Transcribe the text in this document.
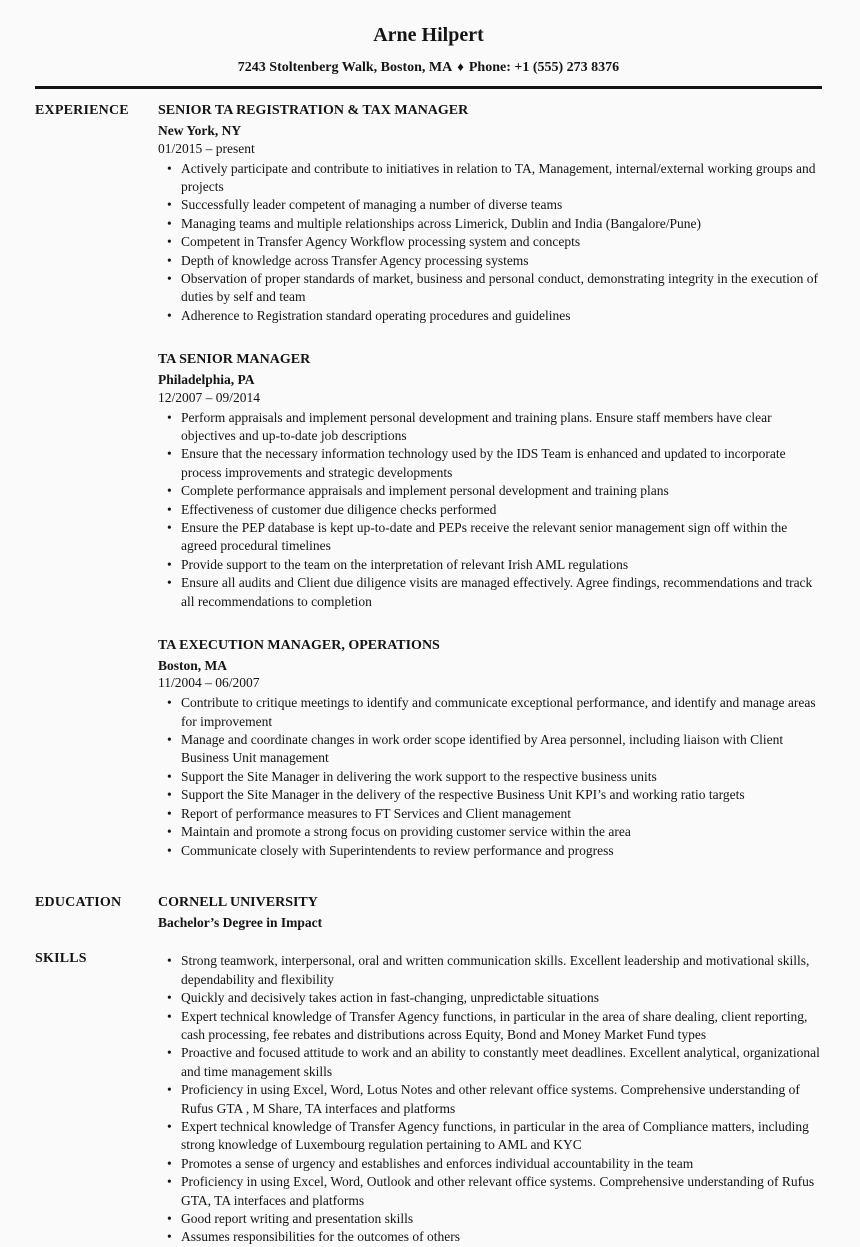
Arne Hilpert
7243 Stoltenberg Walk, Boston, MA ♦ Phone: +1 (555) 273 8376
EXPERIENCE	SENIOR TA REGISTRATION & TAX MANAGER
New York, NY
01/2015 – present
• Actively participate and contribute to initiatives in relation to TA, Management, internal/external working groups and projects
• Successfully leader competent of managing a number of diverse teams
• Managing teams and multiple relationships across Limerick, Dublin and India (Bangalore/Pune)
• Competent in Transfer Agency Workflow processing system and concepts
• Depth of knowledge across Transfer Agency processing systems
• Observation of proper standards of market, business and personal conduct, demonstrating integrity in the execution of duties by self and team
• Adherence to Registration standard operating procedures and guidelines
TA SENIOR MANAGER
Philadelphia, PA
12/2007 – 09/2014
• Perform appraisals and implement personal development and training plans. Ensure staff members have clear objectives and up-to-date job descriptions
• Ensure that the necessary information technology used by the IDS Team is enhanced and updated to incorporate process improvements and strategic developments
• Complete performance appraisals and implement personal development and training plans
• Effectiveness of customer due diligence checks performed
• Ensure the PEP database is kept up-to-date and PEPs receive the relevant senior management sign off within the agreed procedural timelines
• Provide support to the team on the interpretation of relevant Irish AML regulations
• Ensure all audits and Client due diligence visits are managed effectively. Agree findings, recommendations and track all recommendations to completion
TA EXECUTION MANAGER, OPERATIONS
Boston, MA
11/2004 – 06/2007
• Contribute to critique meetings to identify and communicate exceptional performance, and identify and manage areas for improvement
• Manage and coordinate changes in work order scope identified by Area personnel, including liaison with Client Business Unit management
• Support the Site Manager in delivering the work support to the respective business units
• Support the Site Manager in the delivery of the respective Business Unit KPI’s and working ratio targets
• Report of performance measures to FT Services and Client management
• Maintain and promote a strong focus on providing customer service within the area
• Communicate closely with Superintendents to review performance and progress
EDUCATION	CORNELL UNIVERSITY
Bachelor’s Degree in Impact
SKILLS	• Strong teamwork, interpersonal, oral and written communication skills. Excellent leadership and motivational skills, dependability and flexibility
• Quickly and decisively takes action in fast-changing, unpredictable situations
• Expert technical knowledge of Transfer Agency functions, in particular in the area of share dealing, client reporting, cash processing, fee rebates and distributions across Equity, Bond and Money Market Fund types
• Proactive and focused attitude to work and an ability to constantly meet deadlines. Excellent analytical, organizational and time management skills
• Proficiency in using Excel, Word, Lotus Notes and other relevant office systems. Comprehensive understanding of Rufus GTA , M Share, TA interfaces and platforms
• Expert technical knowledge of Transfer Agency functions, in particular in the area of Compliance matters, including strong knowledge of Luxembourg regulation pertaining to AML and KYC
• Promotes a sense of urgency and establishes and enforces individual accountability in the team
• Proficiency in using Excel, Word, Outlook and other relevant office systems. Comprehensive understanding of Rufus GTA, TA interfaces and platforms
• Good report writing and presentation skills
• Assumes responsibilities for the outcomes of others
